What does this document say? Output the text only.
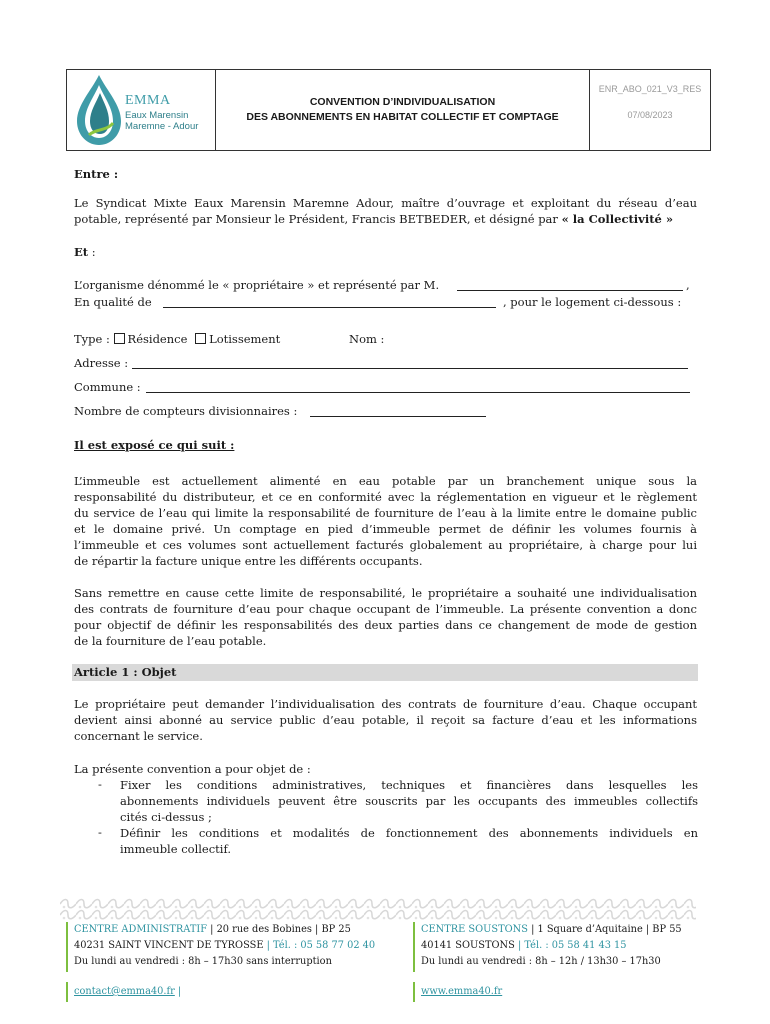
EMMA
Eaux Marensin
Maremne - Adour
CONVENTION D’INDIVIDUALISATION
DES ABONNEMENTS EN HABITAT COLLECTIF ET COMPTAGE
ENR_ABO_021_V3_RES
07/08/2023
Entre :
Le Syndicat Mixte Eaux Marensin Maremne Adour, maître d’ouvrage et exploitant du réseau d’eau
potable, représenté par Monsieur le Président, Francis BETBEDER, et désigné par « la Collectivité »
Et :
L’organisme dénommé le « propriétaire » et représenté par M.	,
En qualité de	, pour le logement ci-dessous :
Type : Résidence Lotissement	Nom :
Adresse :
Commune :
Nombre de compteurs divisionnaires :
Il est exposé ce qui suit :
L’immeuble est actuellement alimenté en eau potable par un branchement unique sous la
responsabilité du distributeur, et ce en conformité avec la réglementation en vigueur et le règlement
du service de l’eau qui limite la responsabilité de fourniture de l’eau à la limite entre le domaine public
et le domaine privé. Un comptage en pied d’immeuble permet de définir les volumes fournis à
l’immeuble et ces volumes sont actuellement facturés globalement au propriétaire, à charge pour lui
de répartir la facture unique entre les différents occupants.
Sans remettre en cause cette limite de responsabilité, le propriétaire a souhaité une individualisation
des contrats de fourniture d’eau pour chaque occupant de l’immeuble. La présente convention a donc
pour objectif de définir les responsabilités des deux parties dans ce changement de mode de gestion
de la fourniture de l’eau potable.
Article 1 : Objet
Le propriétaire peut demander l’individualisation des contrats de fourniture d’eau. Chaque occupant
devient ainsi abonné au service public d’eau potable, il reçoit sa facture d’eau et les informations
concernant le service.
La présente convention a pour objet de :
- Fixer les conditions administratives, techniques et financières dans lesquelles les
abonnements individuels peuvent être souscrits par les occupants des immeubles collectifs
cités ci-dessus ;
- Définir les conditions et modalités de fonctionnement des abonnements individuels en
immeuble collectif.
CENTRE ADMINISTRATIF | 20 rue des Bobines | BP 25
40231 SAINT VINCENT DE TYROSSE | Tél. : 05 58 77 02 40
Du lundi au vendredi : 8h – 17h30 sans interruption
CENTRE SOUSTONS | 1 Square d’Aquitaine | BP 55
40141 SOUSTONS | Tél. : 05 58 41 43 15
Du lundi au vendredi : 8h – 12h / 13h30 – 17h30
contact@emma40.fr |	www.emma40.fr
